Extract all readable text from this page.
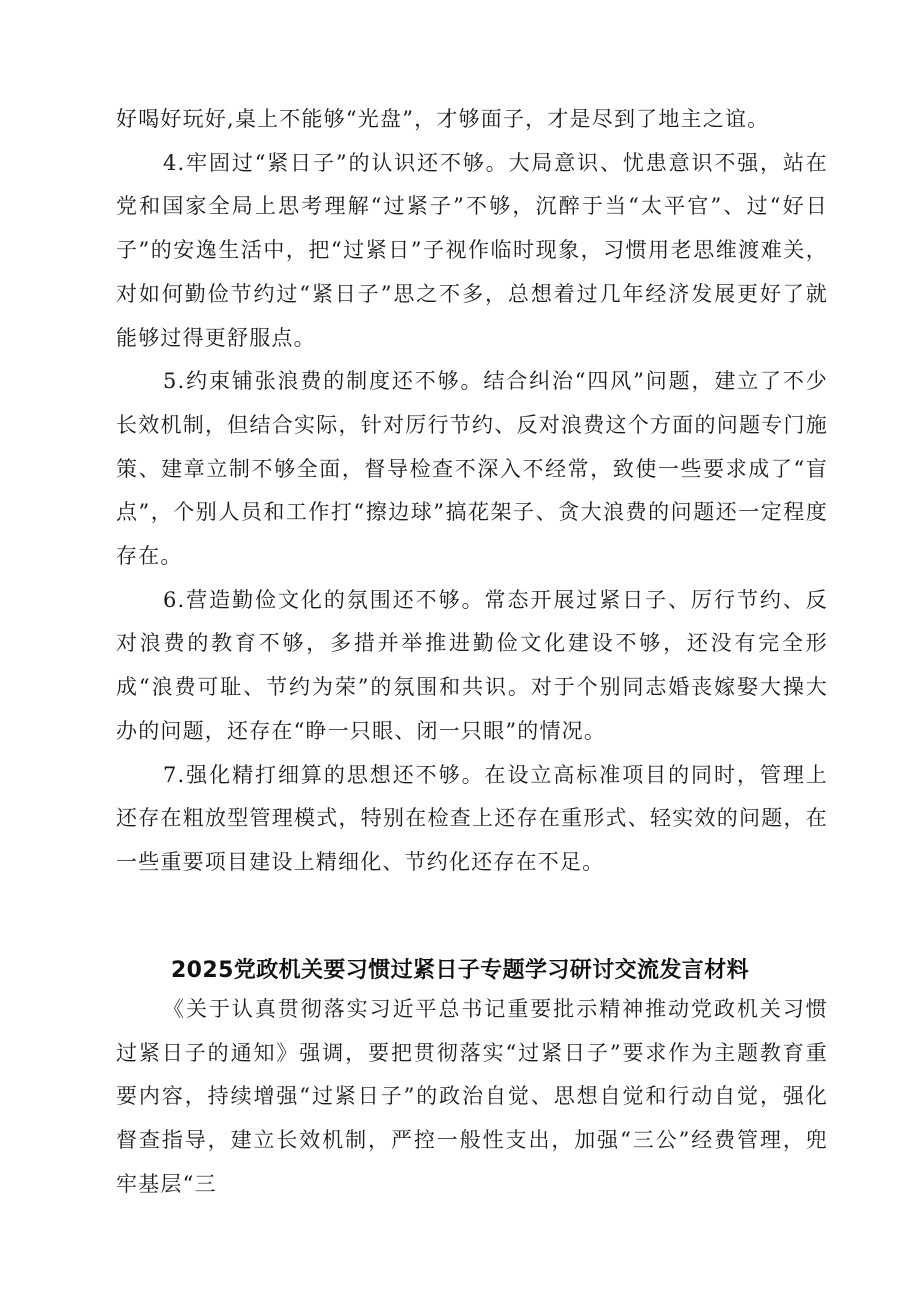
好喝好玩好,桌上不能够“光盘”，才够面子，才是尽到了地主之谊。

4.牢固过“紧日子”的认识还不够。大局意识、忧患意识不强，站在党和国家全局上思考理解“过紧子”不够，沉醉于当“太平官”、过“好日子”的安逸生活中，把“过紧日”子视作临时现象，习惯用老思维渡难关，对如何勤俭节约过“紧日子”思之不多，总想着过几年经济发展更好了就能够过得更舒服点。

5.约束铺张浪费的制度还不够。结合纠治“四风”问题，建立了不少长效机制，但结合实际，针对厉行节约、反对浪费这个方面的问题专门施策、建章立制不够全面，督导检查不深入不经常，致使一些要求成了“盲点”，个别人员和工作打“擦边球”搞花架子、贪大浪费的问题还一定程度存在。

6.营造勤俭文化的氛围还不够。常态开展过紧日子、厉行节约、反对浪费的教育不够，多措并举推进勤俭文化建设不够，还没有完全形成“浪费可耻、节约为荣”的氛围和共识。对于个别同志婚丧嫁娶大操大办的问题，还存在“睁一只眼、闭一只眼”的情况。

7.强化精打细算的思想还不够。在设立高标准项目的同时，管理上还存在粗放型管理模式，特别在检查上还存在重形式、轻实效的问题，在一些重要项目建设上精细化、节约化还存在不足。

2025党政机关要习惯过紧日子专题学习研讨交流发言材料

《关于认真贯彻落实习近平总书记重要批示精神推动党政机关习惯过紧日子的通知》强调，要把贯彻落实“过紧日子”要求作为主题教育重要内容，持续增强“过紧日子”的政治自觉、思想自觉和行动自觉，强化督查指导，建立长效机制，严控一般性支出，加强“三公”经费管理，兜牢基层“三
